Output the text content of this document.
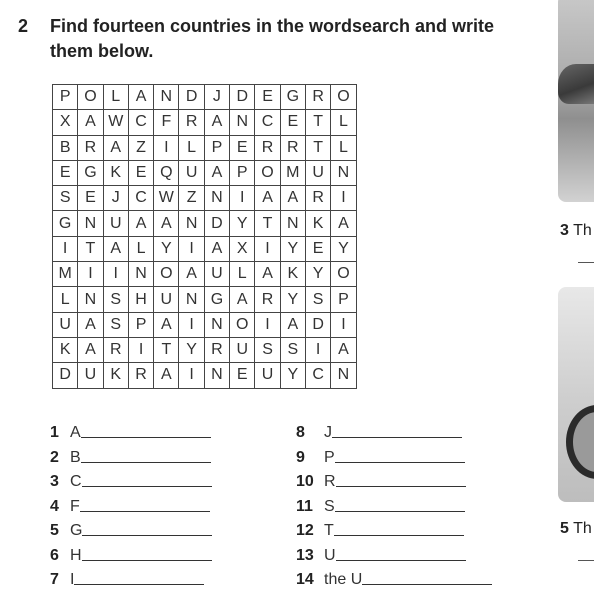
2 Find fourteen countries in the wordsearch and write them below.
P	O	L	A	N	D	J	D	E	G	R	O
X	A	W	C	F	R	A	N	C	E	T	L
B	R	A	Z	I	L	P	E	R	R	T	L
E	G	K	E	Q	U	A	P	O	M	U	N
S	E	J	C	W	Z	N	I	A	A	R	I
G	N	U	A	A	N	D	Y	T	N	K	A
I	T	A	L	Y	I	A	X	I	Y	E	Y
M	I	I	N	O	A	U	L	A	K	Y	O
L	N	S	H	U	N	G	A	R	Y	S	P
U	A	S	P	A	I	N	O	I	A	D	I
K	A	R	I	T	Y	R	U	S	S	I	A
D	U	K	R	A	I	N	E	U	Y	C	N
1 A
2 B
3 C
4 F
5 G
6 H
7 I
8	J
9	P
10 R
11 S
12 T
13 U
14 the U
3 Th
5 Th
